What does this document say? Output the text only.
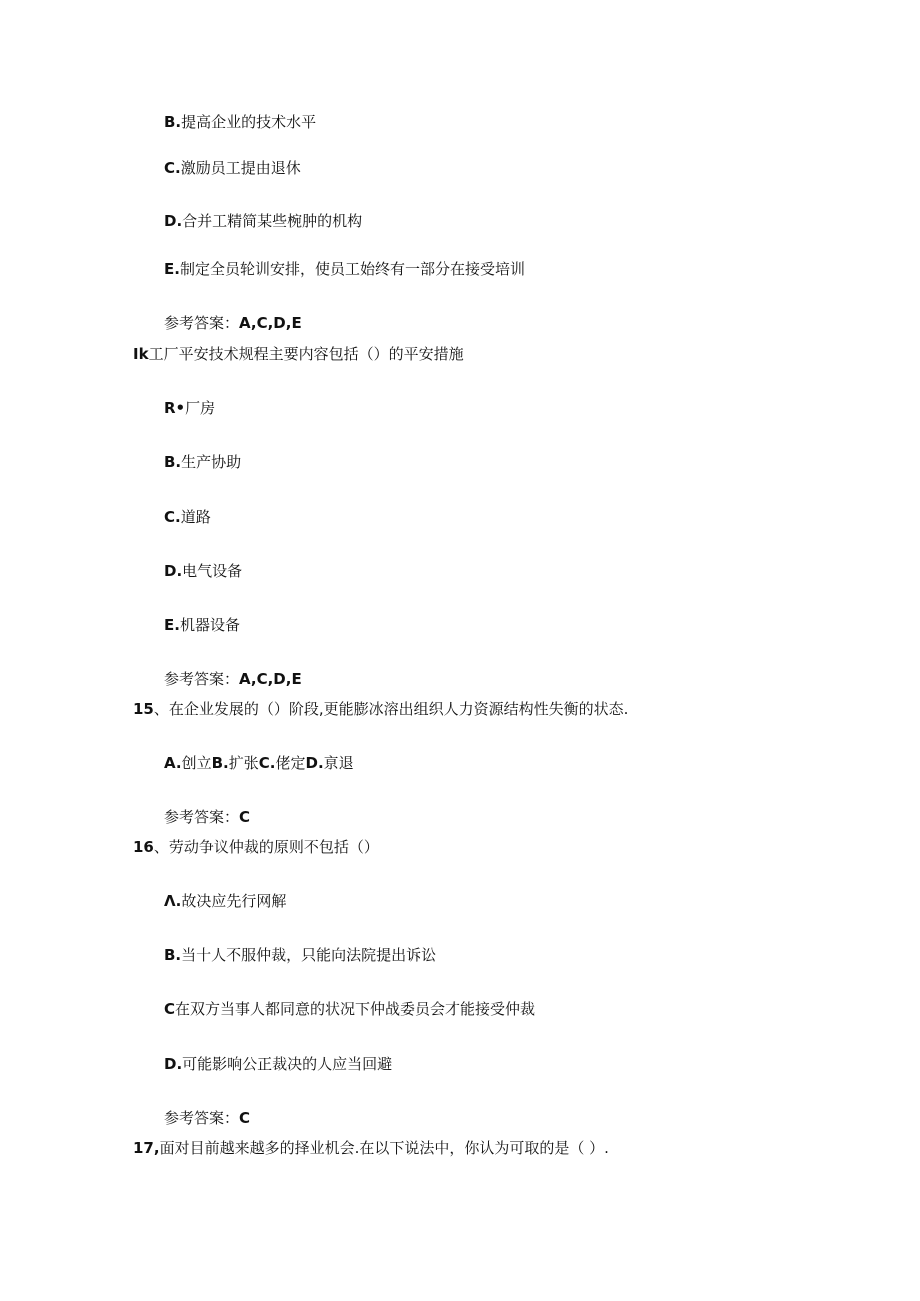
B.提高企业的技术水平
C.激励员工提由退休
D.合并工精简某些椀肿的机构
E.制定全员轮训安排，使员工始终有一部分在接受培训
参考答案：A,C,D,E
Ik工厂平安技术规程主要内容包括（）的平安措施
R•厂房
B.生产协助
C.道路
D.电气设备
E.机器设备
参考答案：A,C,D,E
15、在企业发展的（）阶段,更能膨冰溶出组织人力资源结构性失衡的状态.
A.创立B.扩张C.佬定D.亰退
参考答案：C
16、劳动争议仲裁的原则不包括（）
Λ.故决应先行网解
B.当十人不服仲裁，只能向法院提出诉讼
C在双方当事人都同意的状况下仲战委员会才能接受仲裁
D.可能影响公正裁决的人应当回避
参考答案：C
17,面对目前越来越多的择业机会.在以下说法中，你认为可取的是（ ）.
